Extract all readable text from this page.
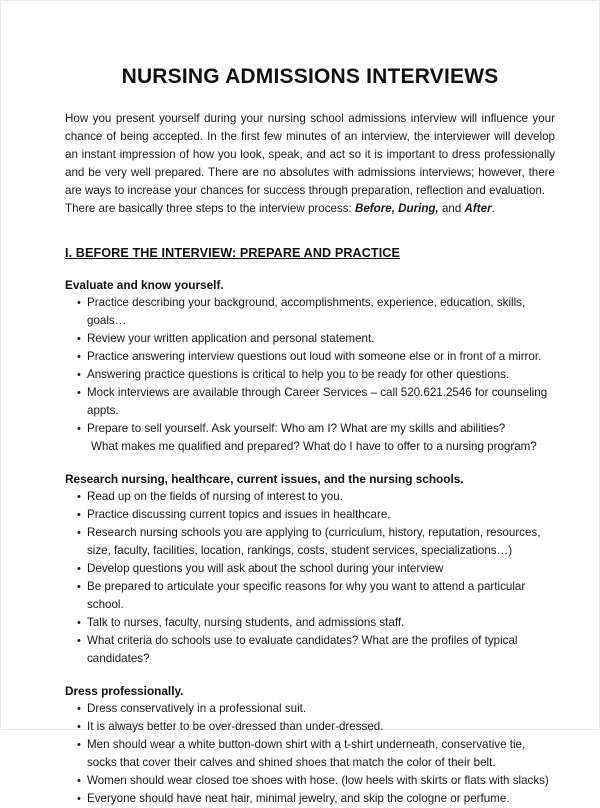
NURSING ADMISSIONS INTERVIEWS

How you present yourself during your nursing school admissions interview will influence your chance of being accepted. In the first few minutes of an interview, the interviewer will develop an instant impression of how you look, speak, and act so it is important to dress professionally and be very well prepared. There are no absolutes with admissions interviews; however, there are ways to increase your chances for success through preparation, reflection and evaluation.
There are basically three steps to the interview process: Before, During, and After.

I. BEFORE THE INTERVIEW: PREPARE AND PRACTICE
Evaluate and know yourself.
• Practice describing your background, accomplishments, experience, education, skills, goals…
• Review your written application and personal statement.
• Practice answering interview questions out loud with someone else or in front of a mirror.
• Answering practice questions is critical to help you to be ready for other questions.
• Mock interviews are available through Career Services – call 520.621.2546 for counseling appts.
• Prepare to sell yourself. Ask yourself: Who am I? What are my skills and abilities?
What makes me qualified and prepared? What do I have to offer to a nursing program?
Research nursing, healthcare, current issues, and the nursing schools.
• Read up on the fields of nursing of interest to you.
• Practice discussing current topics and issues in healthcare.
• Research nursing schools you are applying to (curriculum, history, reputation, resources, size, faculty, facilities, location, rankings, costs, student services, specializations…)
• Develop questions you will ask about the school during your interview
• Be prepared to articulate your specific reasons for why you want to attend a particular school.
• Talk to nurses, faculty, nursing students, and admissions staff.
• What criteria do schools use to evaluate candidates? What are the profiles of typical candidates?
Dress professionally.
• Dress conservatively in a professional suit.
• It is always better to be over-dressed than under-dressed.
• Men should wear a white button-down shirt with a t-shirt underneath, conservative tie, socks that cover their calves and shined shoes that match the color of their belt.
• Women should wear closed toe shoes with hose. (low heels with skirts or flats with slacks)
• Everyone should have neat hair, minimal jewelry, and skip the cologne or perfume.
